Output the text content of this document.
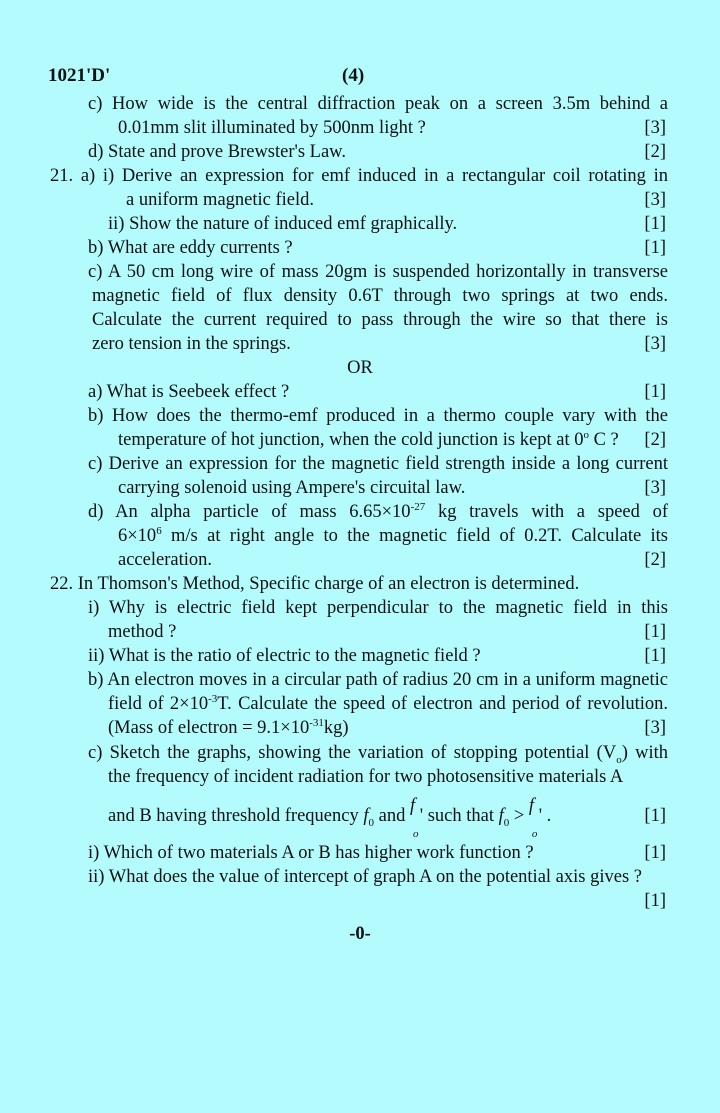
1021'D'	(4)
c) How wide is the central diffraction peak on a screen 3.5m behind a
0.01mm slit illuminated by 500nm light ?	[3]
d) State and prove Brewster's Law.	[2]
21. a) i) Derive an expression for emf induced in a rectangular coil rotating in
a uniform magnetic field.	[3]
ii) Show the nature of induced emf graphically.	[1]
b) What are eddy currents ?	[1]
c) A 50 cm long wire of mass 20gm is suspended horizontally in transverse
magnetic field of flux density 0.6T through two springs at two ends.
Calculate the current required to pass through the wire so that there is
zero tension in the springs.	[3]
OR
a) What is Seebeek effect ?	[1]
b) How does the thermo-emf produced in a thermo couple vary with the
temperature of hot junction, when the cold junction is kept at 0$^o$ C ? [2]
c) Derive an expression for the magnetic field strength inside a long current
carrying solenoid using Ampere's circuital law.	[3]
d) An alpha particle of mass $6.65\times 10^{-27}$ kg travels with a speed of
$6\times 10^6$ m/s at right angle to the magnetic field of 0.2T. Calculate its
acceleration.	[2]
22. In Thomson's Method, Specific charge of an electron is determined.
i) Why is electric field kept perpendicular to the magnetic field in this
method ?	[1]
ii) What is the ratio of electric to the magnetic field ?	[1]
b) An electron moves in a circular path of radius 20 cm in a uniform magnetic
field of $2\times 10^{-3}T$. Calculate the speed of electron and period of revolution.
(Mass of electron = $9.1\times 10^{-31}kg$)	[3]
c) Sketch the graphs, showing the variation of stopping potential $(V_o)$ with
the frequency of incident radiation for two photosensitive materials A
and B having threshold frequency $f_0$ and f '
o
such that $f_0 > f$ ' .
o
[1]
i) Which of two materials A or B has higher work function ?	[1]
ii) What does the value of intercept of graph A on the potential axis gives ?
[1]
-0-
